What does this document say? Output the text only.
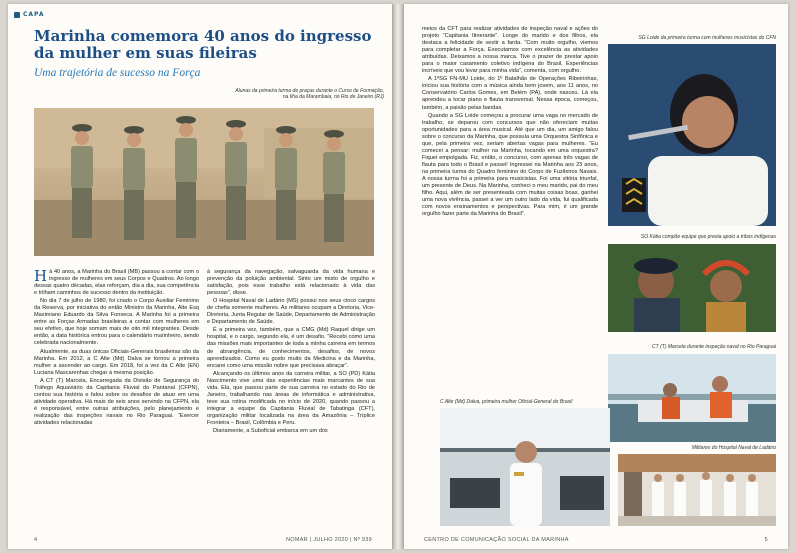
CAPA
Marinha comemora 40 anos do ingresso da mulher em suas fileiras
Uma trajetória de sucesso na Força
Alunas da primeira turma de praças durante o Curso de Formação, na Ilha da Marambaia, no Rio de Janeiro (RJ)

Há 40 anos, a Marinha do Brasil (MB) passou a contar com o ingresso de mulheres em seus Corpos e Quadros. Ao longo dessas quatro décadas, elas reforçam, dia a dia, sua competência e trilham caminhos de sucesso dentro da instituição.

No dia 7 de julho de 1980, foi criado o Corpo Auxiliar Feminino da Reserva, por iniciativa do então Ministro da Marinha, Alte Esq Maximiano Eduardo da Silva Fonseca. A Marinha foi a primeira entre as Forças Armadas brasileiras a contar com mulheres em seu efetivo, que hoje somam mais de oito mil integrantes. Desde então, a data histórica entrou para o calendário marinheiro, sendo celebrada nacionalmente.

Atualmente, as duas únicas Oficiais-Generais brasileiras são da Marinha. Em 2012, a C Alte (Md) Dalva se tornou a primeira mulher a ascender ao cargo. Em 2018, foi a vez da C Alte (EN) Luciana Mascarenhas chegar à mesma posição.

A CT (T) Marcela, Encarregada da Divisão de Segurança do Tráfego Aquaviário da Capitania Fluvial do Pantanal (CFPN), contou sua história e falou sobre os desafios de atuar em uma atividade operativa. Há mais de seis anos servindo na CFPN, ela é responsável, entre outras atribuições, pelo planejamento e realização das inspeções navais no Rio Paraguai. “Exercer atividades relacionadas

à segurança da navegação, salvaguarda da vida humana e prevenção da poluição ambiental. Sinto um misto de orgulho e satisfação, pois esse trabalho está relacionado à vida das pessoas”, disse.

O Hospital Naval de Ladário (MS) possui nos seus cinco cargos de chefia somente mulheres. As militares ocupam a Diretoria, Vice-Diretoria, Junta Regular de Saúde, Departamento de Administração e Departamento de Saúde.

É a primeira vez, também, que a CMG (Md) Raquel dirige um hospital, e o cargo, segundo ela, é um desafio. “Recebi como uma das missões mais importantes de toda a minha carreira em termos de abrangência, de conhecimentos, desafios, de novos aprendizados. Como eu gosto muito da Medicina e da Marinha, encarei como uma missão nobre que precisava abraçar”.

Alcançando os últimos anos da carreira militar, a SO (PD) Kátia Nascimento vive uma das experiências mais marcantes de sua vida. Ela, que passou parte de sua carreira no estado do Rio de Janeiro, trabalhando nas áreas de informática e administrativa, teve sua rotina modificada no início de 2020, quando passou a integrar a equipe da Capitania Fluvial de Tabatinga (CFT), organização militar localizada na área da Amazônia – Tríplice Fronteira – Brasil, Colômbia e Peru.

Diariamente, a Suboficial embarca em um dos

4	NOMAR | JULHO 2020 | Nº 939

meios da CFT para realizar atividades de inspeção naval e ações do projeto “Capitania Itinerante”. Longe do marido e dos filhos, ela destaca a felicidade de vestir a farda. “Com muito orgulho, viemos para completar a Força. Executamos com excelência as atividades atribuídas. Deixamos a nossa marca. Tive o prazer de prestar apoio para o maior casamento coletivo indígena do Brasil. Experiências incríveis que vou levar para minha vida”, comenta, com orgulho.

A 1ºSG FN-MU Loide, do 1º Batalhão de Operações Ribeirinhas, iniciou sua história com a música ainda bem jovem, aos 11 anos, no Conservatório Carlos Gomes, em Belém (PA), onde nasceu. Lá ela aprendeu a tocar piano e flauta transversal. Nessa época, começou, também, a paixão pelas bandas.

Quando a SG Loide começou a procurar uma vaga no mercado de trabalho, se deparou com concursos que não ofereciam muitas oportunidades para a área musical. Até que um dia, um amigo falou sobre o concurso da Marinha, que possuía uma Orquestra Sinfônica e que, pela primeira vez, seriam abertas vagas para mulheres. “Eu comecei a pensar: mulher na Marinha, tocando em uma orquestra? Fiquei empolgada. Fiz, então, o concurso, com apenas três vagas de flauta para todo o Brasil e passei! Ingressei na Marinha aos 23 anos, na primeira turma do Quadro feminino do Corpo de Fuzileiros Navais. A nossa turma foi a primeira para musicistas. Foi uma vitória triunfal, um presente de Deus. Na Marinha, conheci o meu marido, pai do meu filho. Aqui, além de ser presenteada com muitas coisas boas, ganhei uma nova vivência, passei a ver um outro lado da vida, fui qualificada com novos ensinamentos e perspectivas. Para mim, é um grande orgulho fazer parte da Marinha do Brasil”.

SG Loide da primeira turma com mulheres musicistas do CFN
SO Kátia compõe equipe que presta apoio a tribos indígenas
CT (T) Marcela durante inspeção naval no Rio Paraguai
C Alte (Md) Dalva, primeira mulher Oficial-General do Brasil
Militares do Hospital Naval de Ladário
CENTRO DE COMUNICAÇÃO SOCIAL DA MARINHA	5
